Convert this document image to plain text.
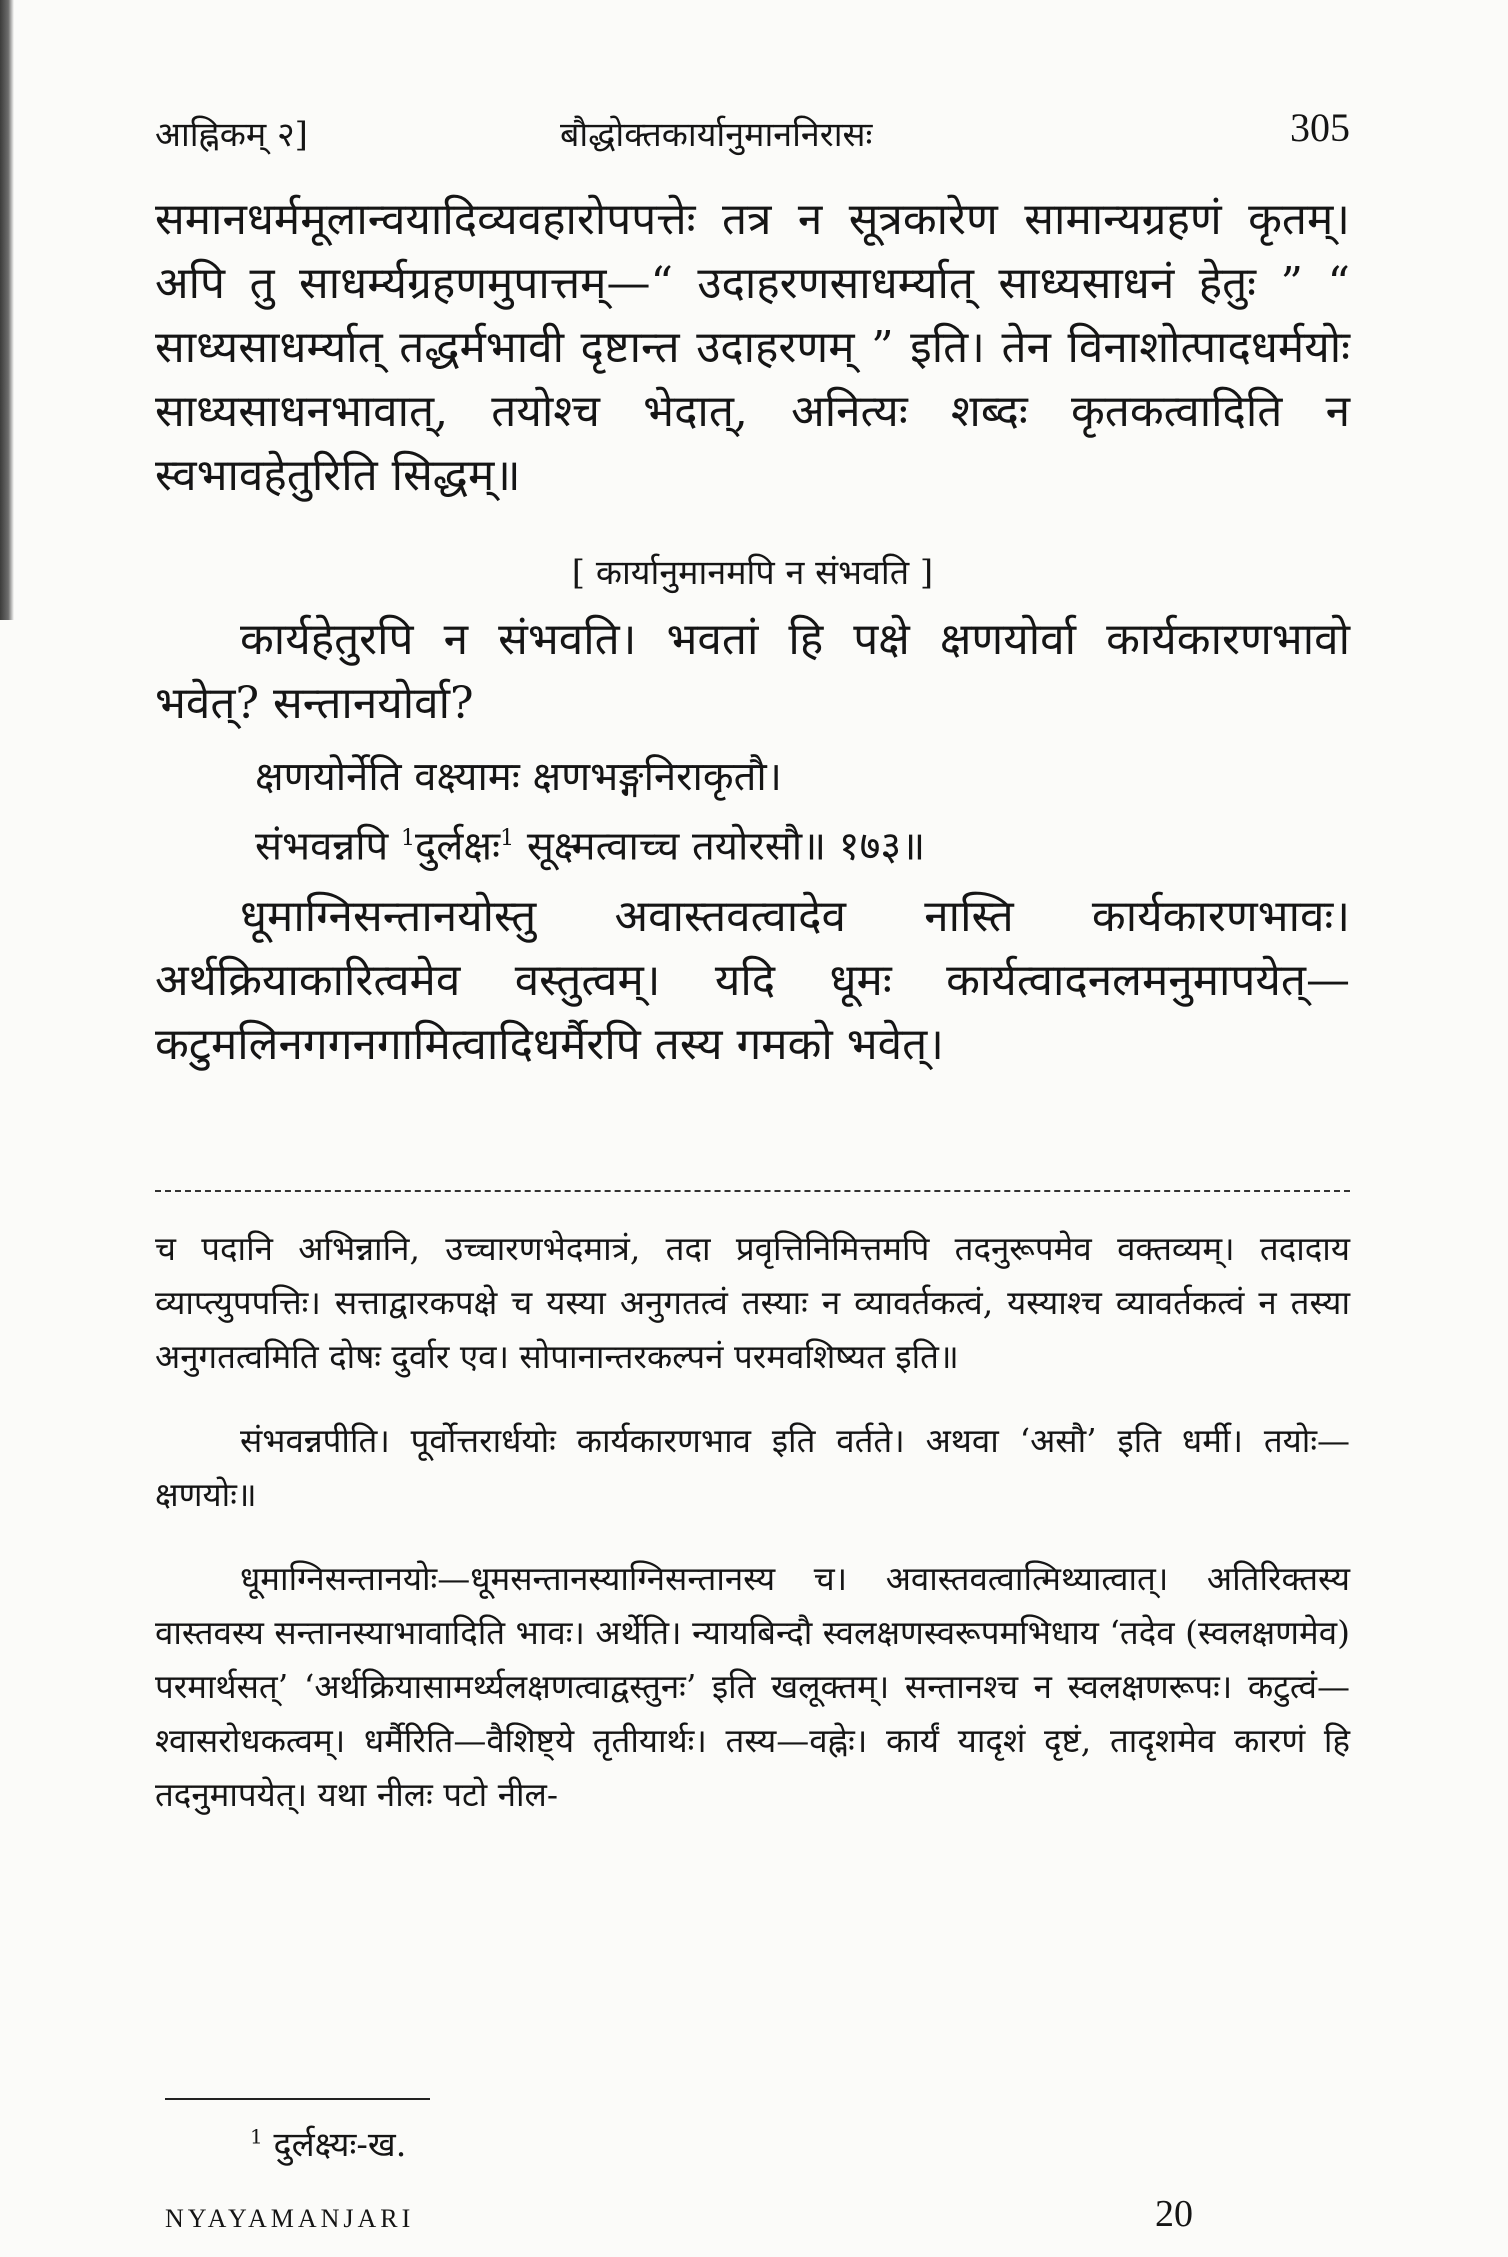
आह्निकम् २]	बौद्धोक्तकार्यानुमाननिरासः	305

समानधर्ममूलान्वयादिव्यवहारोपपत्तेः तत्र न सूत्रकारेण सामान्यग्रहणं कृतम्। अपि तु साधर्म्यग्रहणमुपात्तम्—“ उदाहरणसाधर्म्यात् साध्यसाधनं हेतुः ” “ साध्यसाधर्म्यात् तद्धर्मभावी दृष्टान्त उदाहरणम् ” इति। तेन विनाशोत्पादधर्मयोः साध्यसाधनभावात्, तयोश्च भेदात्, अनित्यः शब्दः कृतकत्वादिति न स्वभावहेतुरिति सिद्धम्॥

[ कार्यानुमानमपि न संभवति ]

कार्यहेतुरपि न संभवति। भवतां हि पक्षे क्षणयोर्वा कार्यकारणभावो भवेत्? सन्तानयोर्वा?

क्षणयोर्नेति वक्ष्यामः क्षणभङ्गनिराकृतौ।
संभवन्नपि $^1$दुर्लक्षः$^1$ सूक्ष्मत्वाच्च तयोरसौ॥ १७३॥

धूमाग्निसन्तानयोस्तु अवास्तवत्वादेव नास्ति कार्यकारणभावः। अर्थक्रियाकारित्वमेव वस्तुत्वम्। यदि धूमः कार्यत्वादनलमनुमापयेत्—कटुमलिनगगनगामित्वादिधर्मैरपि तस्य गमको भवेत्।

च पदानि अभिन्नानि, उच्चारणभेदमात्रं, तदा प्रवृत्तिनिमित्तमपि तदनुरूपमेव वक्तव्यम्। तदादाय व्याप्त्युपपत्तिः। सत्ताद्वारकपक्षे च यस्या अनुगतत्वं तस्याः न व्यावर्तकत्वं, यस्याश्च व्यावर्तकत्वं न तस्या अनुगतत्वमिति दोषः दुर्वार एव। सोपानान्तरकल्पनं परमवशिष्यत इति॥

संभवन्नपीति। पूर्वोत्तरार्धयोः कार्यकारणभाव इति वर्तते। अथवा ‘असौ’ इति धर्मी। तयोः—क्षणयोः॥

धूमाग्निसन्तानयोः—धूमसन्तानस्याग्निसन्तानस्य च। अवास्तवत्वात्मिथ्यात्वात्। अतिरिक्तस्य वास्तवस्य सन्तानस्याभावादिति भावः। अर्थेति। न्यायबिन्दौ स्वलक्षणस्वरूपमभिधाय ‘तदेव (स्वलक्षणमेव) परमार्थसत्’ ‘अर्थक्रियासामर्थ्यलक्षणत्वाद्वस्तुनः’ इति खलूक्तम्। सन्तानश्च न स्वलक्षणरूपः। कटुत्वं—श्वासरोधकत्वम्। धर्मैरिति—वैशिष्ट्ये तृतीयार्थः। तस्य—वह्नेः। कार्यं यादृशं दृष्टं, तादृशमेव कारणं हि तदनुमापयेत्। यथा नीलः पटो नील-

$^1$ दुर्लक्ष्यः-ख.
NYAYAMANJARI	20
